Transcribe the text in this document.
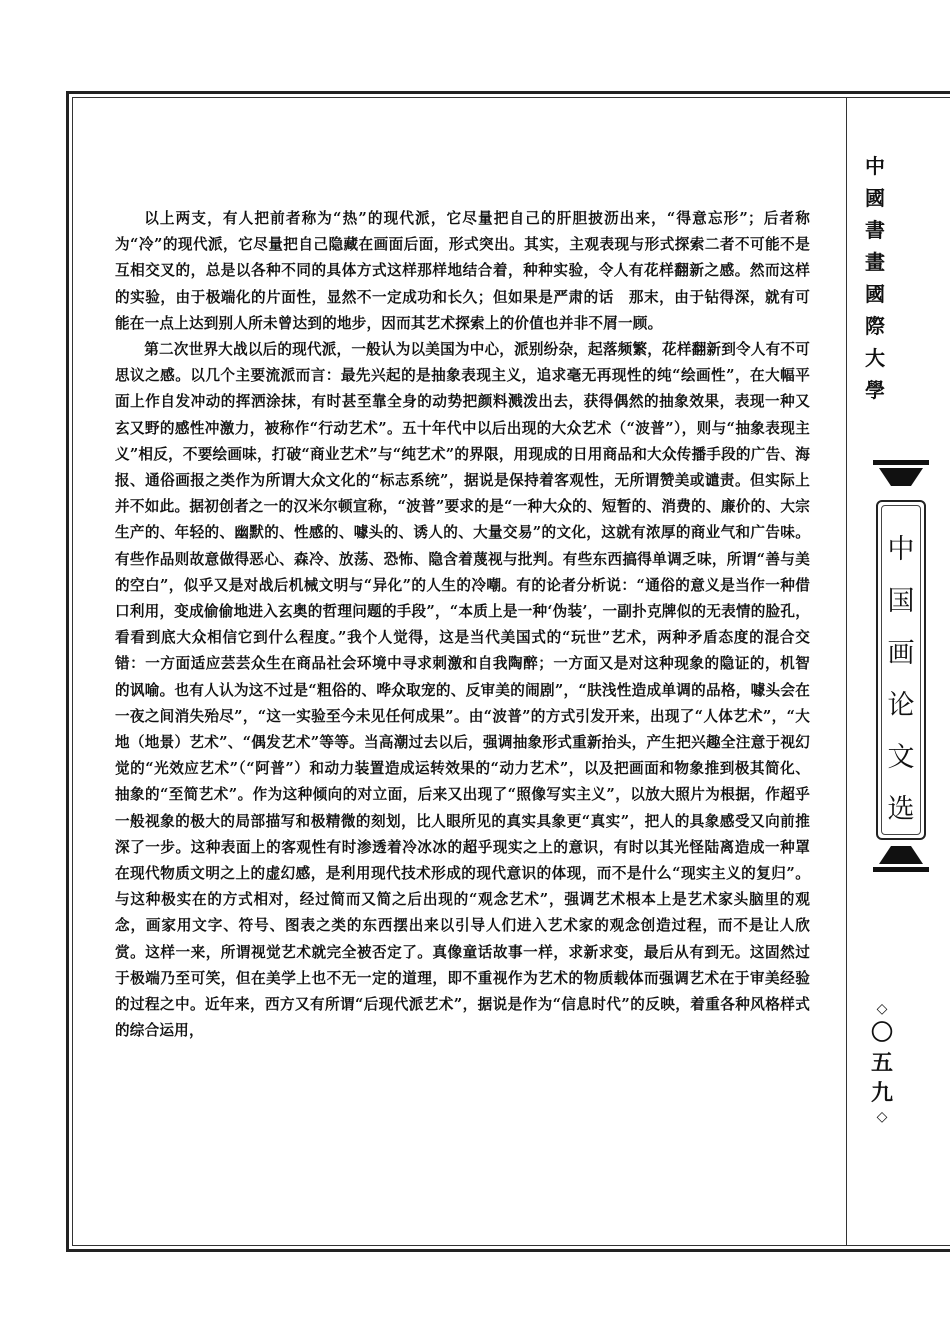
以上两支，有人把前者称为“热”的现代派，它尽量把自己的肝胆披沥出来，“得意忘形”；后者称为“冷”的现代派，它尽量把自己隐藏在画面后面，形式突出。其实，主观表现与形式探索二者不可能不是互相交叉的，总是以各种不同的具体方式这样那样地结合着，种种实验，令人有花样翻新之感。然而这样的实验，由于极端化的片面性，显然不一定成功和长久；但如果是严肃的话　那末，由于钻得深，就有可能在一点上达到别人所未曾达到的地步，因而其艺术探索上的价值也并非不屑一顾。

第二次世界大战以后的现代派，一般认为以美国为中心，派别纷杂，起落频繁，花样翻新到令人有不可思议之感。以几个主要流派而言：最先兴起的是抽象表现主义，追求毫无再现性的纯“绘画性”，在大幅平面上作自发冲动的挥洒涂抹，有时甚至靠全身的动势把颜料溅泼出去，获得偶然的抽象效果，表现一种又玄又野的感性冲激力，被称作“行动艺术”。五十年代中以后出现的大众艺术（“波普”），则与“抽象表现主义”相反，不要绘画味，打破“商业艺术”与“纯艺术”的界限，用现成的日用商品和大众传播手段的广告、海报、通俗画报之类作为所谓大众文化的“标志系统”，据说是保持着客观性，无所谓赞美或谴责。但实际上并不如此。据初创者之一的汉米尔顿宣称，“波普”要求的是“一种大众的、短暂的、消费的、廉价的、大宗生产的、年轻的、幽默的、性感的、噱头的、诱人的、大量交易”的文化，这就有浓厚的商业气和广告味。有些作品则故意做得恶心、森冷、放荡、恐怖、隐含着蔑视与批判。有些东西搞得单调乏味，所谓“善与美的空白”，似乎又是对战后机械文明与“异化”的人生的冷嘲。有的论者分析说：“通俗的意义是当作一种借口利用，变成偷偷地进入玄奥的哲理问题的手段”，“本质上是一种‘伪装’，一副扑克牌似的无表情的脸孔，看看到底大众相信它到什么程度。”我个人觉得，这是当代美国式的“玩世”艺术，两种矛盾态度的混合交错：一方面适应芸芸众生在商品社会环境中寻求刺激和自我陶醉；一方面又是对这种现象的隐证的，机智的讽喻。也有人认为这不过是“粗俗的、哗众取宠的、反审美的闹剧”，“肤浅性造成单调的品格，噱头会在一夜之间消失殆尽”，“这一实验至今未见任何成果”。由“波普”的方式引发开来，出现了“人体艺术”，“大地（地景）艺术”、“偶发艺术”等等。当高潮过去以后，强调抽象形式重新抬头，产生把兴趣全注意于视幻觉的“光效应艺术”（“阿普”）和动力装置造成运转效果的“动力艺术”，以及把画面和物象推到极其简化、抽象的“至简艺术”。作为这种倾向的对立面，后来又出现了“照像写实主义”，以放大照片为根据，作超乎一般视象的极大的局部描写和极精微的刻划，比人眼所见的真实具象更“真实”，把人的具象感受又向前推深了一步。这种表面上的客观性有时渗透着冷冰冰的超乎现实之上的意识，有时以其光怪陆离造成一种罩在现代物质文明之上的虚幻感，是利用现代技术形成的现代意识的体现，而不是什么“现实主义的复归”。与这种极实在的方式相对，经过简而又简之后出现的“观念艺术”，强调艺术根本上是艺术家头脑里的观念，画家用文字、符号、图表之类的东西摆出来以引导人们进入艺术家的观念创造过程，而不是让人欣赏。这样一来，所谓视觉艺术就完全被否定了。真像童话故事一样，求新求变，最后从有到无。这固然过于极端乃至可笑，但在美学上也不无一定的道理，即不重视作为艺术的物质载体而强调艺术在于审美经验的过程之中。近年来，西方又有所谓“后现代派艺术”，据说是作为“信息时代”的反映，着重各种风格样式的综合运用，

中國書畫國際大學
中国画论文选
◇
〇五九
◇
